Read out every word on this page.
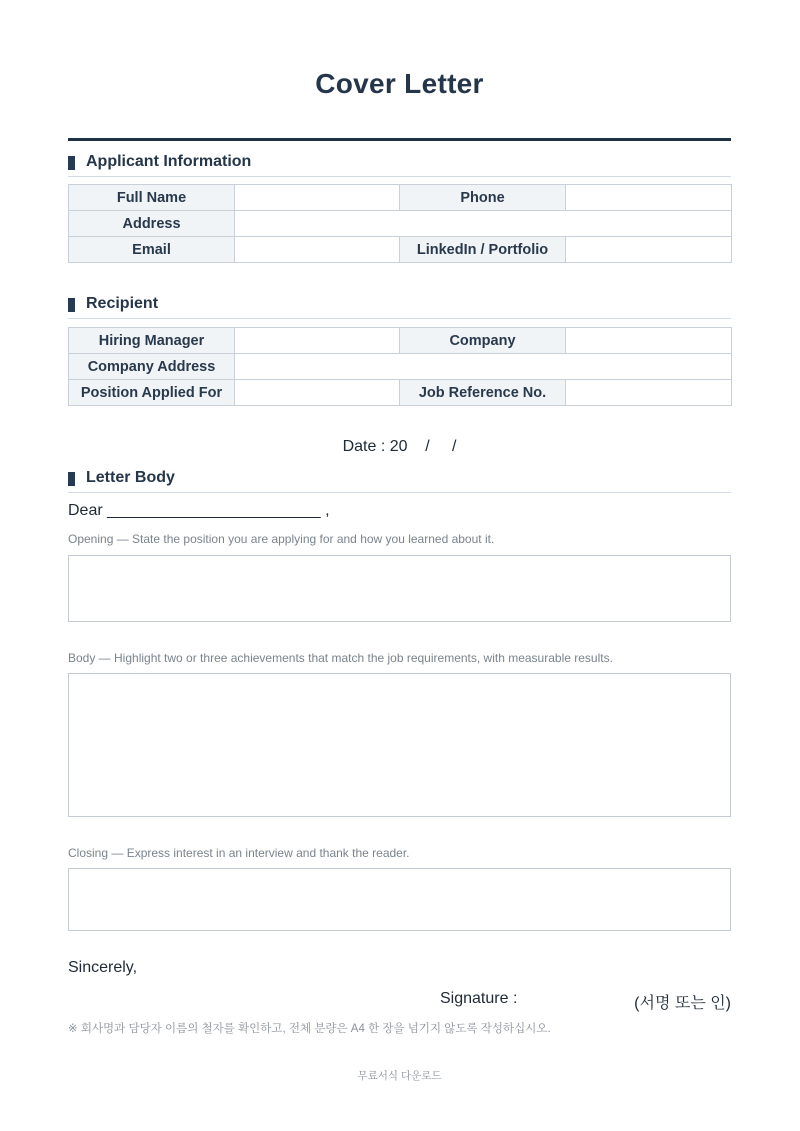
Cover Letter
Applicant Information
Full Name		Phone	
Address			
Email		LinkedIn / Portfolio	
Recipient
Hiring Manager		Company	
Company Address			
Position Applied For		Job Reference No.	
Date : 20    /     /
Letter Body
Dear ________________________ ,
Opening — State the position you are applying for and how you learned about it.
Body — Highlight two or three achievements that match the job requirements, with measurable results.
Closing — Express interest in an interview and thank the reader.
Sincerely,
Signature :	(서명 또는 인)
※ 회사명과 담당자 이름의 철자를 확인하고, 전체 분량은 A4 한 장을 넘기지 않도록 작성하십시오.
무료서식 다운로드
